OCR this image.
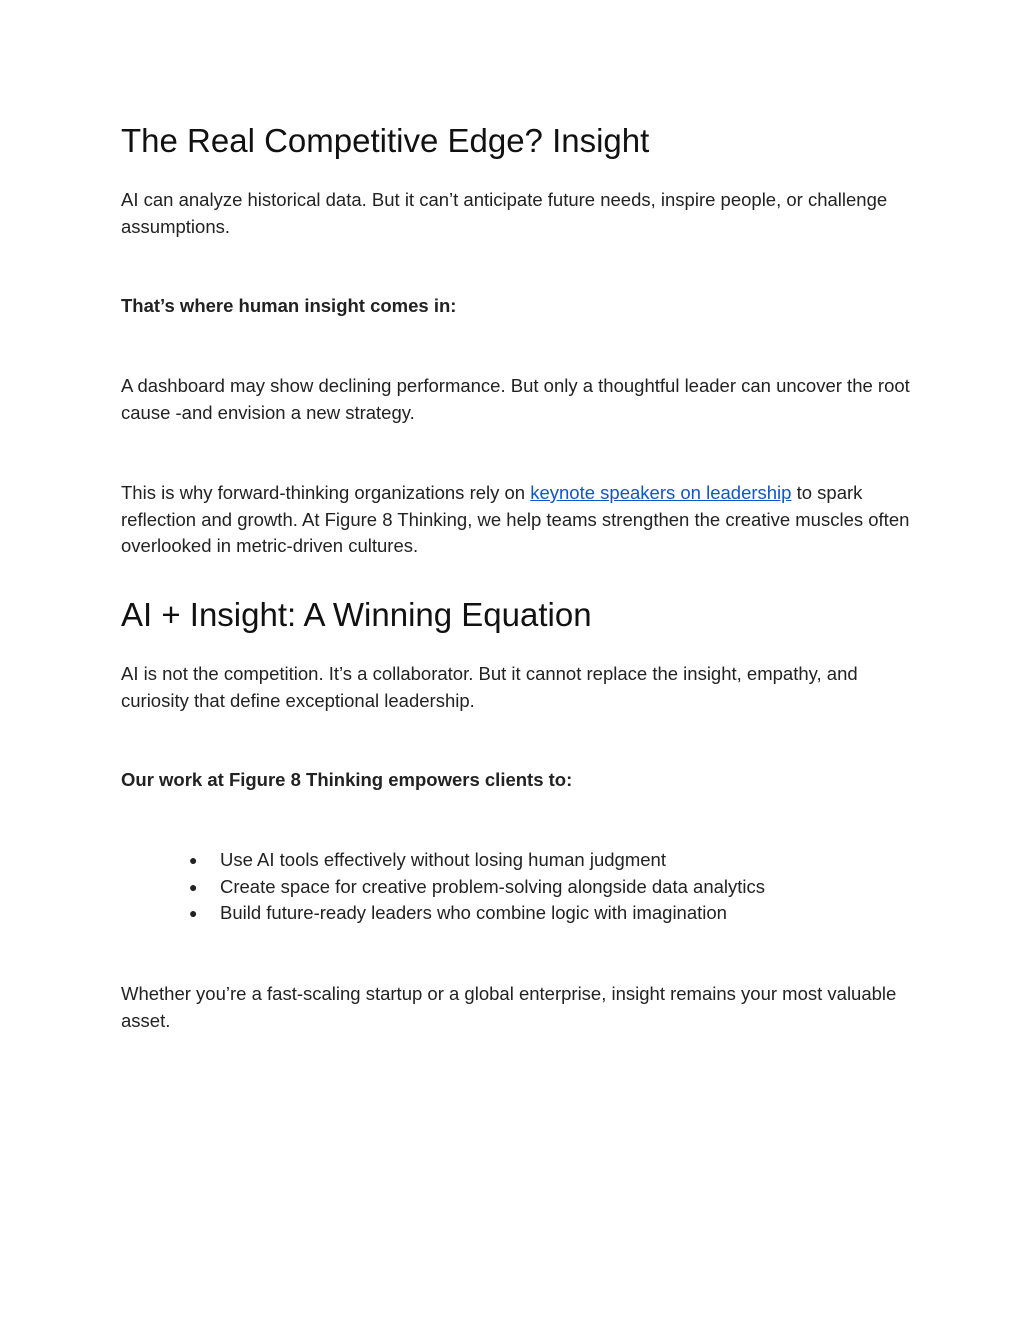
The Real Competitive Edge? Insight

AI can analyze historical data. But it can’t anticipate future needs, inspire people, or challenge assumptions.

That’s where human insight comes in:

A dashboard may show declining performance. But only a thoughtful leader can uncover the root cause -and envision a new strategy.

This is why forward-thinking organizations rely on keynote speakers on leadership to spark reflection and growth. At Figure 8 Thinking, we help teams strengthen the creative muscles often overlooked in metric-driven cultures.

AI + Insight: A Winning Equation

AI is not the competition. It’s a collaborator. But it cannot replace the insight, empathy, and curiosity that define exceptional leadership.

Our work at Figure 8 Thinking empowers clients to:

● Use AI tools effectively without losing human judgment
● Create space for creative problem-solving alongside data analytics
● Build future-ready leaders who combine logic with imagination

Whether you’re a fast-scaling startup or a global enterprise, insight remains your most valuable asset.
